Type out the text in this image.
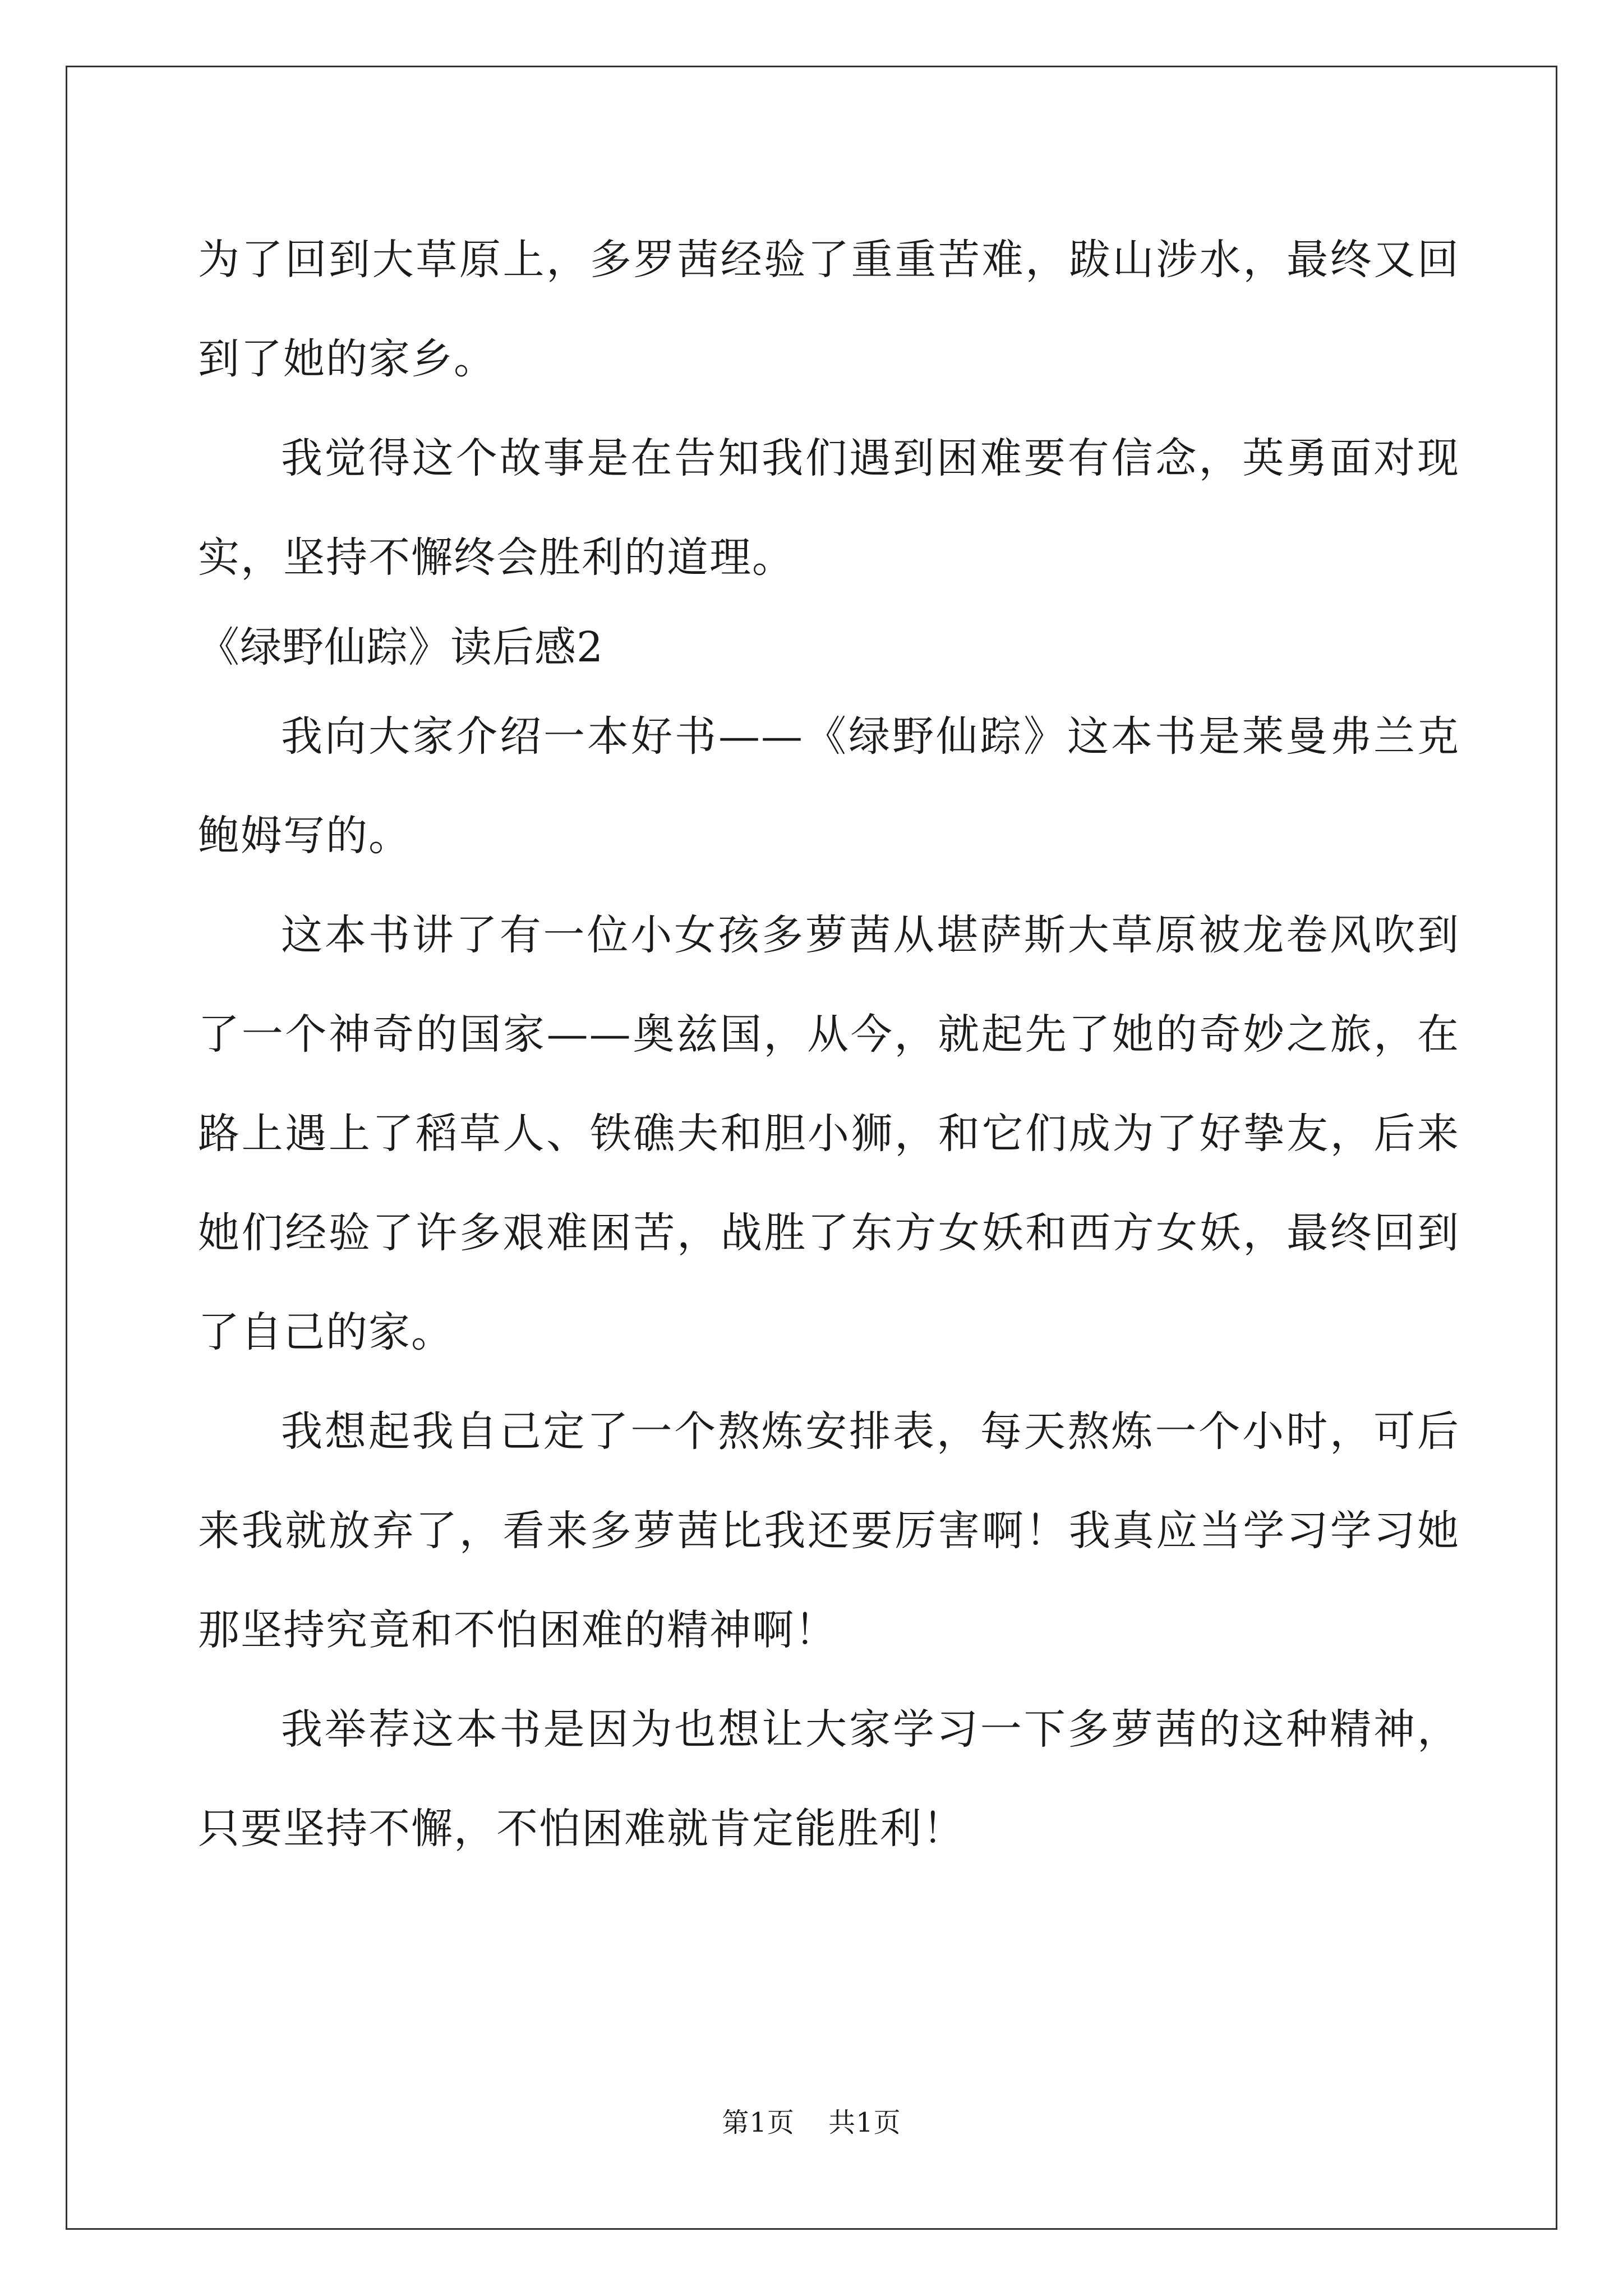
为了回到大草原上，多罗茜经验了重重苦难，跋山涉水，最终又回到了她的家乡。

我觉得这个故事是在告知我们遇到困难要有信念，英勇面对现实，坚持不懈终会胜利的道理。

《绿野仙踪》读后感2

我向大家介绍一本好书——《绿野仙踪》这本书是莱曼弗兰克鲍姆写的。

这本书讲了有一位小女孩多萝茜从堪萨斯大草原被龙卷风吹到了一个神奇的国家——奥兹国，从今，就起先了她的奇妙之旅，在路上遇上了稻草人、铁礁夫和胆小狮，和它们成为了好挚友，后来她们经验了许多艰难困苦，战胜了东方女妖和西方女妖，最终回到了自己的家。

我想起我自己定了一个熬炼安排表，每天熬炼一个小时，可后来我就放弃了，看来多萝茜比我还要厉害啊！我真应当学习学习她那坚持究竟和不怕困难的精神啊！

我举荐这本书是因为也想让大家学习一下多萝茜的这种精神，只要坚持不懈，不怕困难就肯定能胜利！

第1页 共1页
